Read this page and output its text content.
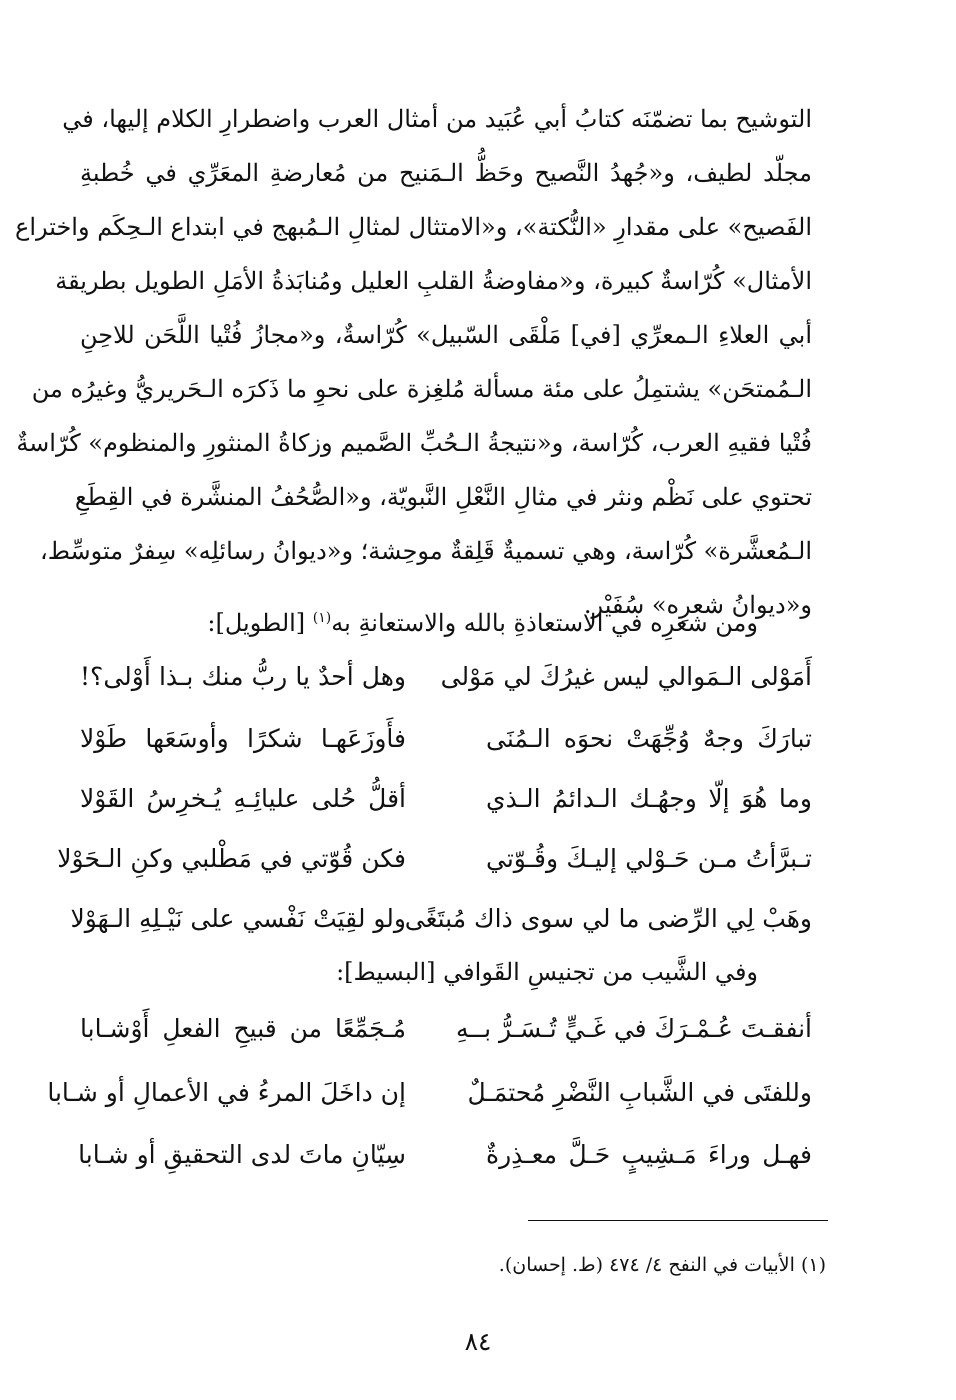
التوشيح بما تضمّنَه كتابُ أبي عُبَيد من أمثال العرب واضطرارِ الكلام إليها، في
مجلّد لطيف، و«جُهدُ النَّصيح وحَظُّ الـمَنيح من مُعارضةِ المعَرِّي في خُطبةِ
الفَصيح» على مقدارِ «النُّكتة»، و«الامتثال لمثالِ الـمُبهج في ابتداع الـحِكَم واختراع
الأمثال» كُرّاسةٌ كبيرة، و«مفاوضةُ القلبِ العليل ومُنابَذةُ الأمَلِ الطويل بطريقة
أبي العلاءِ الـمعرِّي [في] مَلْقَى السّبيل» كُرّاسةٌ، و«مجازُ فُتْيا اللَّحَن للاحِنِ
الـمُمتحَن» يشتمِلُ على مئة مسألة مُلغِزة على نحوِ ما ذَكرَه الـحَريريُّ وغيرُه من
فُتْيا فقيهِ العرب، كُرّاسة، و«نتيجةُ الـحُبِّ الصَّميم وزكاةُ المنثورِ والمنظوم» كُرّاسةٌ
تحتوي على نَظْم ونثر في مثالِ النَّعْلِ النَّبويّة، و«الصُّحُفُ المنشَّرة في القِطَعِ
الـمُعشَّرة» كُرّاسة، وهي تسميةٌ قَلِقةٌ موحِشة؛ و«ديوانُ رسائلِه» سِفرٌ متوسِّط،
و«ديوانُ شعرِه» سُفَيْر.
ومن شعرِه في الاستعاذةِ بالله والاستعانةِ به$^{(١)}$ [الطويل]:
أَمَوْلى الـمَوالي ليس غيرُكَ لي مَوْلى
وهل أحدٌ يا ربُّ منك بـذا أَوْلى؟!
تبارَكَ وجهٌ وُجِّهَتْ نحوَه الـمُنَى
فأَوزَعَهـا شكرًا وأوسَعَها طَوْلا
وما هُوَ إلّا وجهُـك الـدائمُ الـذي
أقلُّ حُلى عليائِـهِ يُـخرِسُ القَوْلا
تـبرَّأتُ مـن حَـوْلي إليـكَ وقُـوّتي
فكن قُوّتي في مَطْلبي وكنِ الـحَوْلا
وهَبْ لِي الرِّضى ما لي سوى ذاك مُبتَغًى
ولو لقِيَتْ نَفْسي على نَيْـلِهِ الـهَوْلا
وفي الشَّيب من تجنيسِ القَوافي [البسيط]:
أنفقـتَ عُـمْـرَكَ في غَـيٍّ تُـسَـرُّ بــهِ
مُـجَمِّعًا من قبيحِ الفعلِ أَوْشـابا
وللفتَى في الشَّبابِ النَّضْرِ مُحتمَـلٌ
إن داخَلَ المرءُ في الأعمالِ أو شـابا
فهـل وراءَ مَـشِيبٍ حَـلَّ معـذِرةٌ
سِيّانِ ماتَ لدى التحقيقِ أو شـابا
(١) الأبيات في النفح ٤/ ٤٧٤ (ط. إحسان).
٨٤
